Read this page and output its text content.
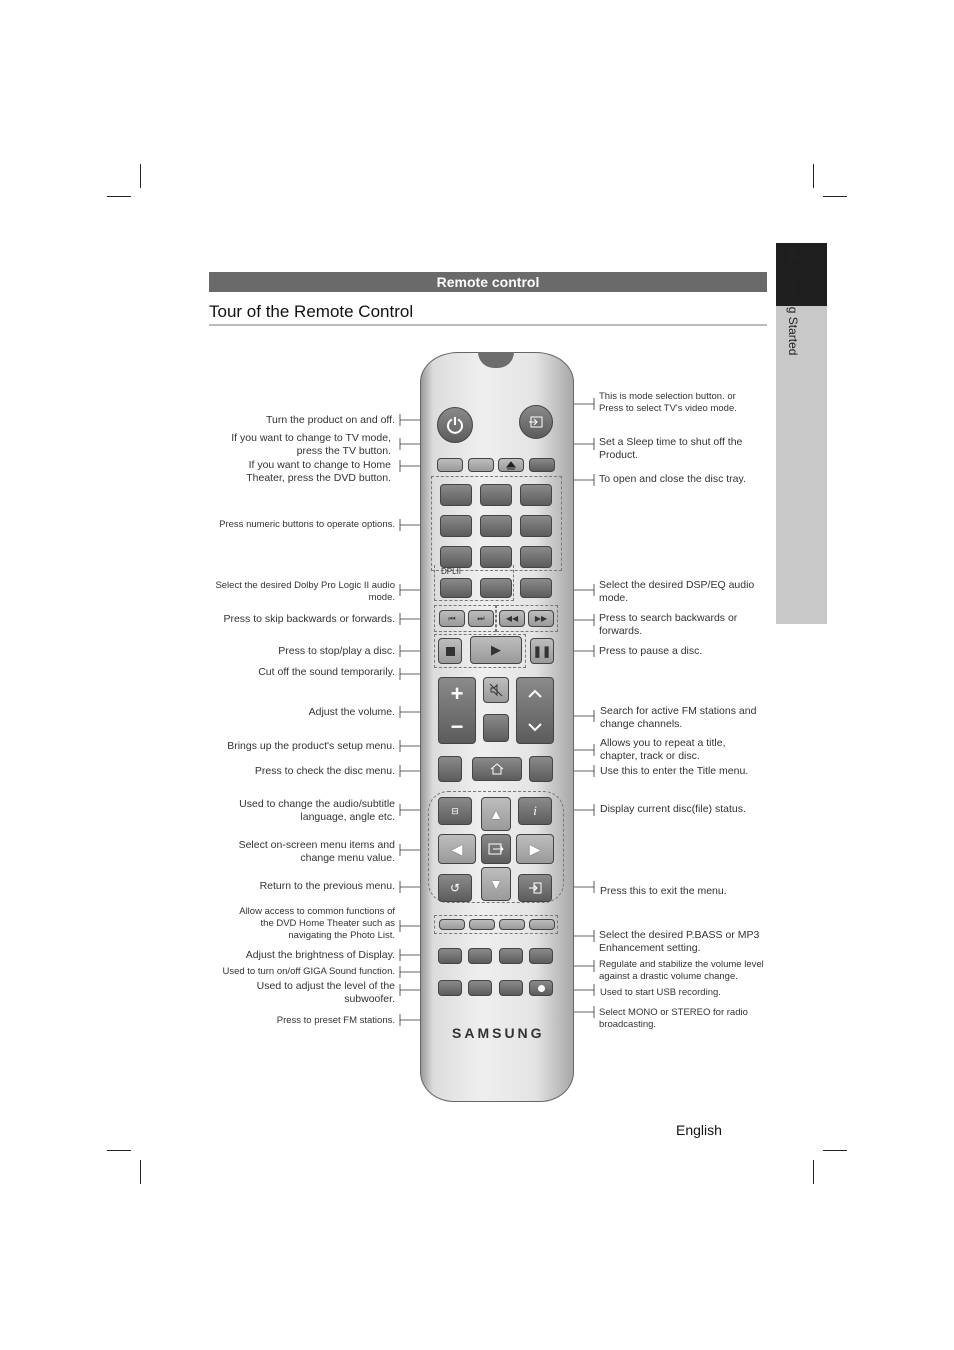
01 Getting Started
Remote control
Tour of the Remote Control
Turn the product on and off.
If you want to change to TV mode, press the TV button.
If you want to change to Home Theater, press the DVD button.
Press numeric buttons to operate options.
Select the desired Dolby Pro Logic II audio mode.
Press to skip backwards or forwards.
Press to stop/play a disc.
Cut off the sound temporarily.
Adjust the volume.
Brings up the product's setup menu.
Press to check the disc menu.
Used to change the audio/subtitle language, angle etc.
Select on-screen menu items and change menu value.
Return to the previous menu.
Allow access to common functions of the DVD Home Theater such as navigating the Photo List.
Adjust the brightness of Display.
Used to turn on/off GIGA Sound function.
Used to adjust the level of the subwoofer.
Press to preset FM stations.
This is mode selection button. or Press to select TV's video mode.
Set a Sleep time to shut off the Product.
To open and close the disc tray.
Select the desired DSP/EQ audio mode.
Press to search backwards or forwards.
Press to pause a disc.
Search for active FM stations and change channels.
Allows you to repeat a title, chapter, track or disc.
Use this to enter the Title menu.
Display current disc(file) status.
Press this to exit the menu.
Select the desired P.BASS or MP3 Enhancement setting.
Regulate and stabilize the volume level against a drastic volume change.
Used to start USB recording.
Select MONO or STEREO for radio broadcasting.
DPLII
⏮	⏭	◀◀ ▶▶
▶	❚❚
+
−
⊟	i
▲
◀	▶
▼
↺
SAMSUNG
English
